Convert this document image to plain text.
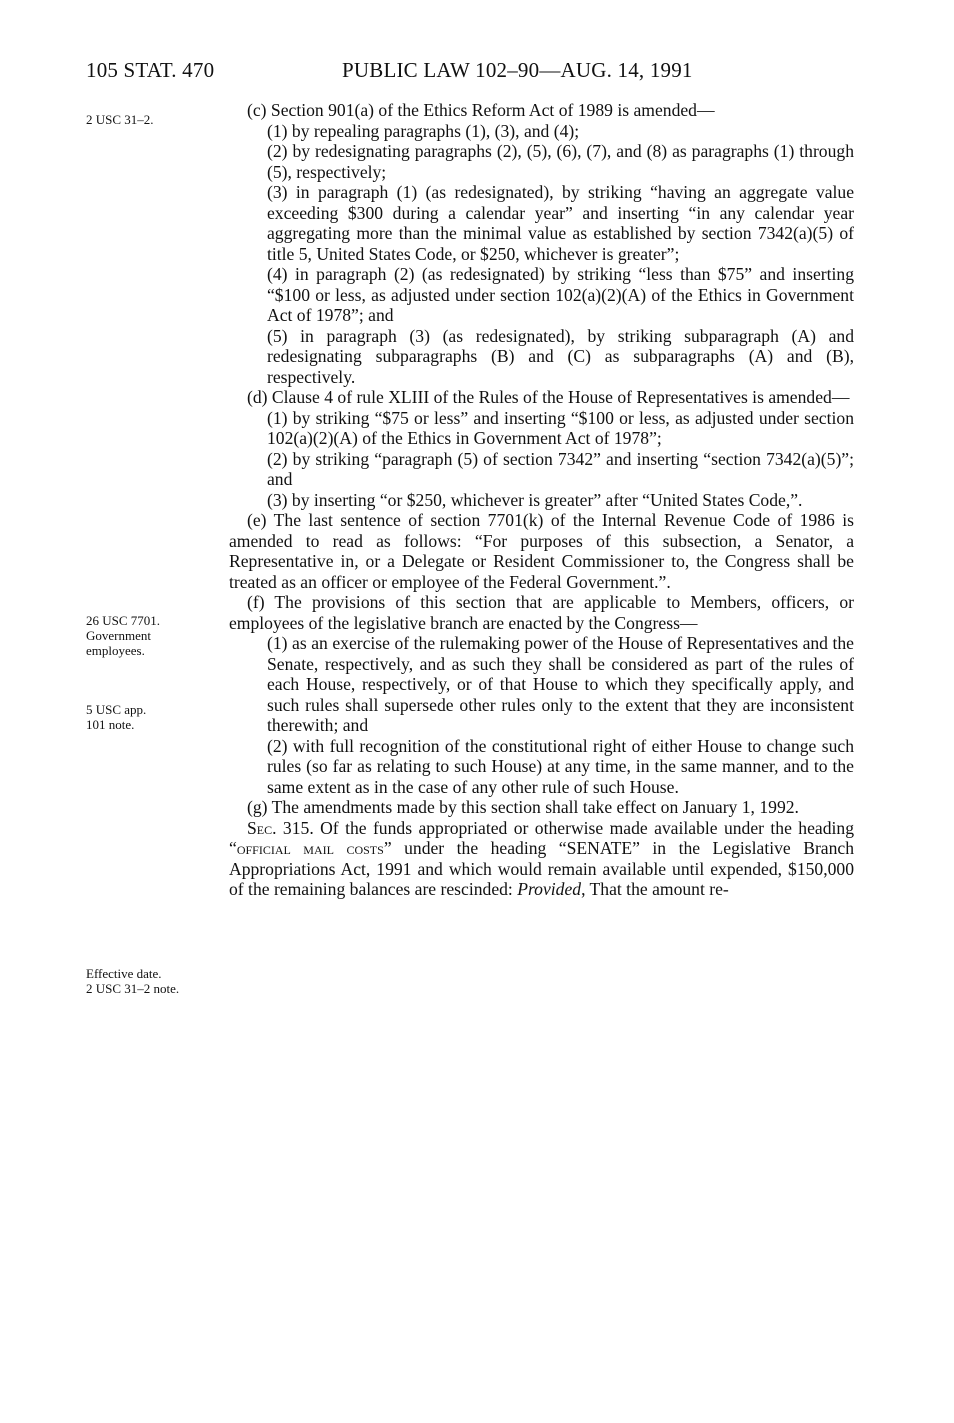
105 STAT. 470	PUBLIC LAW 102–90—AUG. 14, 1991
2 USC 31–2.
26 USC 7701.
Government employees.
5 USC app.
101 note.
Effective date.
2 USC 31–2 note.

(c) Section 901(a) of the Ethics Reform Act of 1989 is amended—

(1) by repealing paragraphs (1), (3), and (4);

(2) by redesignating paragraphs (2), (5), (6), (7), and (8) as paragraphs (1) through (5), respectively;

(3) in paragraph (1) (as redesignated), by striking “having an aggregate value exceeding $300 during a calendar year” and inserting “in any calendar year aggregating more than the minimal value as established by section 7342(a)(5) of title 5, United States Code, or $250, whichever is greater”;

(4) in paragraph (2) (as redesignated) by striking “less than $75” and inserting “$100 or less, as adjusted under section 102(a)(2)(A) of the Ethics in Government Act of 1978”; and

(5) in paragraph (3) (as redesignated), by striking subparagraph (A) and redesignating subparagraphs (B) and (C) as subparagraphs (A) and (B), respectively.

(d) Clause 4 of rule XLIII of the Rules of the House of Representatives is amended—

(1) by striking “$75 or less” and inserting “$100 or less, as adjusted under section 102(a)(2)(A) of the Ethics in Government Act of 1978”;

(2) by striking “paragraph (5) of section 7342” and inserting “section 7342(a)(5)”; and

(3) by inserting “or $250, whichever is greater” after “United States Code,”.

(e) The last sentence of section 7701(k) of the Internal Revenue Code of 1986 is amended to read as follows: “For purposes of this subsection, a Senator, a Representative in, or a Delegate or Resident Commissioner to, the Congress shall be treated as an officer or employee of the Federal Government.”.

(f) The provisions of this section that are applicable to Members, officers, or employees of the legislative branch are enacted by the Congress—

(1) as an exercise of the rulemaking power of the House of Representatives and the Senate, respectively, and as such they shall be considered as part of the rules of each House, respectively, or of that House to which they specifically apply, and such rules shall supersede other rules only to the extent that they are inconsistent therewith; and

(2) with full recognition of the constitutional right of either House to change such rules (so far as relating to such House) at any time, in the same manner, and to the same extent as in the case of any other rule of such House.

(g) The amendments made by this section shall take effect on January 1, 1992.

Sec. 315. Of the funds appropriated or otherwise made available under the heading “official mail costs” under the heading “SENATE” in the Legislative Branch Appropriations Act, 1991 and which would remain available until expended, $150,000 of the remaining balances are rescinded: Provided, That the amount re-
